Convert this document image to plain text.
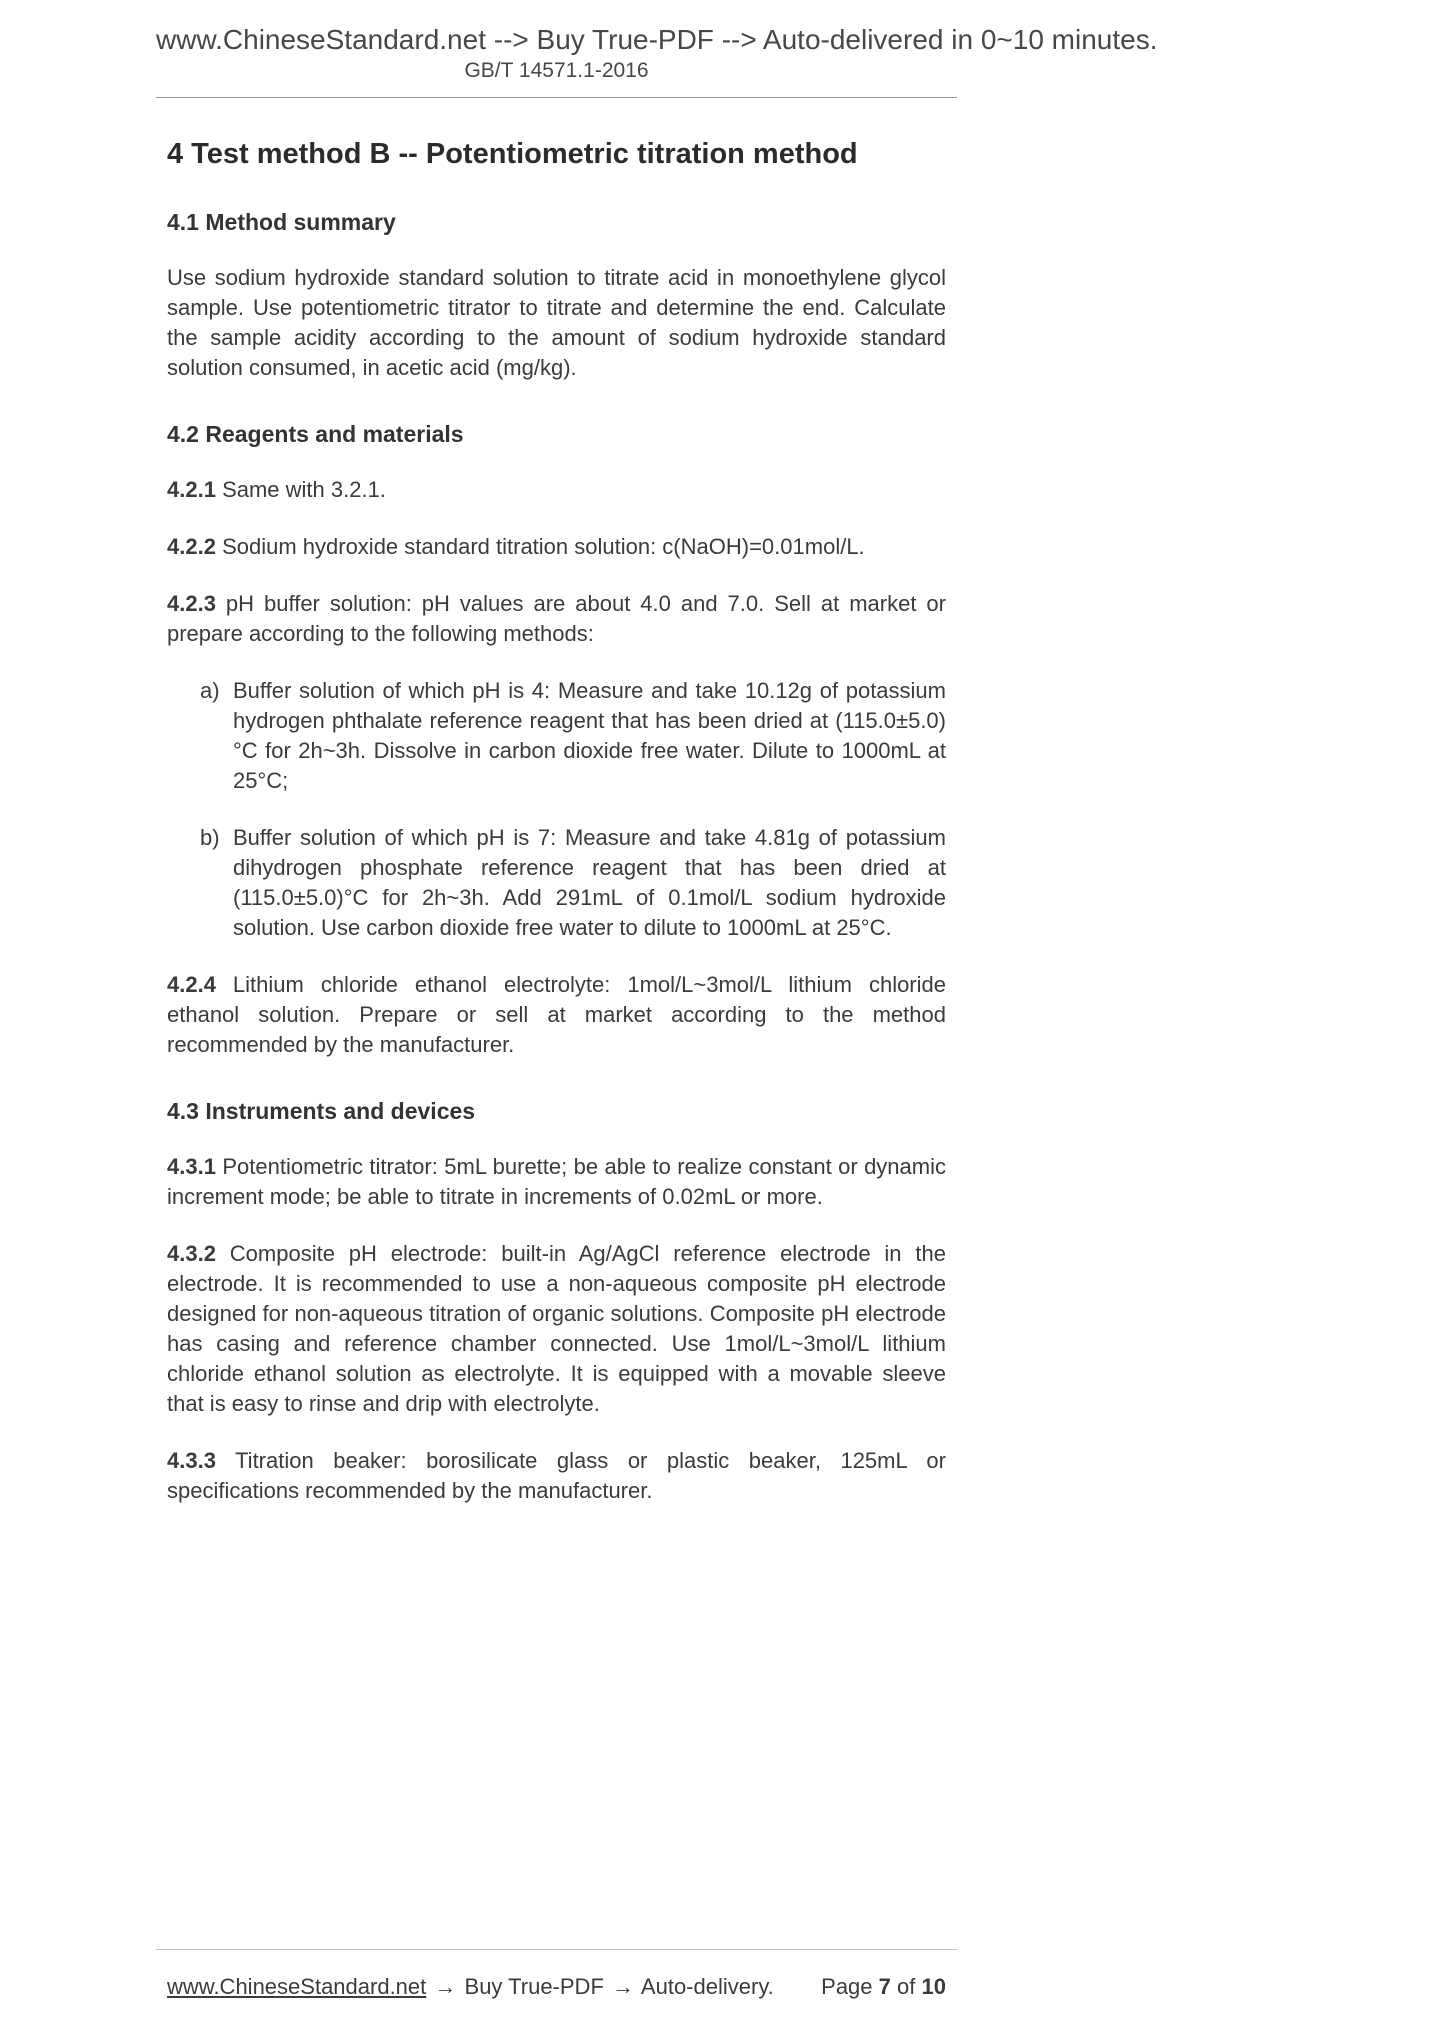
www.ChineseStandard.net --> Buy True-PDF --> Auto-delivered in 0~10 minutes.
GB/T 14571.1-2016
4 Test method B -- Potentiometric titration method
4.1 Method summary

Use sodium hydroxide standard solution to titrate acid in monoethylene glycol sample. Use potentiometric titrator to titrate and determine the end. Calculate the sample acidity according to the amount of sodium hydroxide standard solution consumed, in acetic acid (mg/kg).

4.2 Reagents and materials

4.2.1 Same with 3.2.1.

4.2.2 Sodium hydroxide standard titration solution: c(NaOH)=0.01mol/L.

4.2.3 pH buffer solution: pH values are about 4.0 and 7.0. Sell at market or prepare according to the following methods:

a) Buffer solution of which pH is 4: Measure and take 10.12g of potassium hydrogen phthalate reference reagent that has been dried at (115.0±5.0)°C for 2h~3h. Dissolve in carbon dioxide free water. Dilute to 1000mL at 25°C;
b) Buffer solution of which pH is 7: Measure and take 4.81g of potassium dihydrogen phosphate reference reagent that has been dried at (115.0±5.0)°C for 2h~3h. Add 291mL of 0.1mol/L sodium hydroxide solution. Use carbon dioxide free water to dilute to 1000mL at 25°C.

4.2.4 Lithium chloride ethanol electrolyte: 1mol/L~3mol/L lithium chloride ethanol solution. Prepare or sell at market according to the method recommended by the manufacturer.

4.3 Instruments and devices

4.3.1 Potentiometric titrator: 5mL burette; be able to realize constant or dynamic increment mode; be able to titrate in increments of 0.02mL or more.

4.3.2 Composite pH electrode: built-in Ag/AgCl reference electrode in the electrode. It is recommended to use a non-aqueous composite pH electrode designed for non-aqueous titration of organic solutions. Composite pH electrode has casing and reference chamber connected. Use 1mol/L~3mol/L lithium chloride ethanol solution as electrolyte. It is equipped with a movable sleeve that is easy to rinse and drip with electrolyte.

4.3.3 Titration beaker: borosilicate glass or plastic beaker, 125mL or specifications recommended by the manufacturer.

www.ChineseStandard.net → Buy True-PDF → Auto-delivery. Page 7 of 10
